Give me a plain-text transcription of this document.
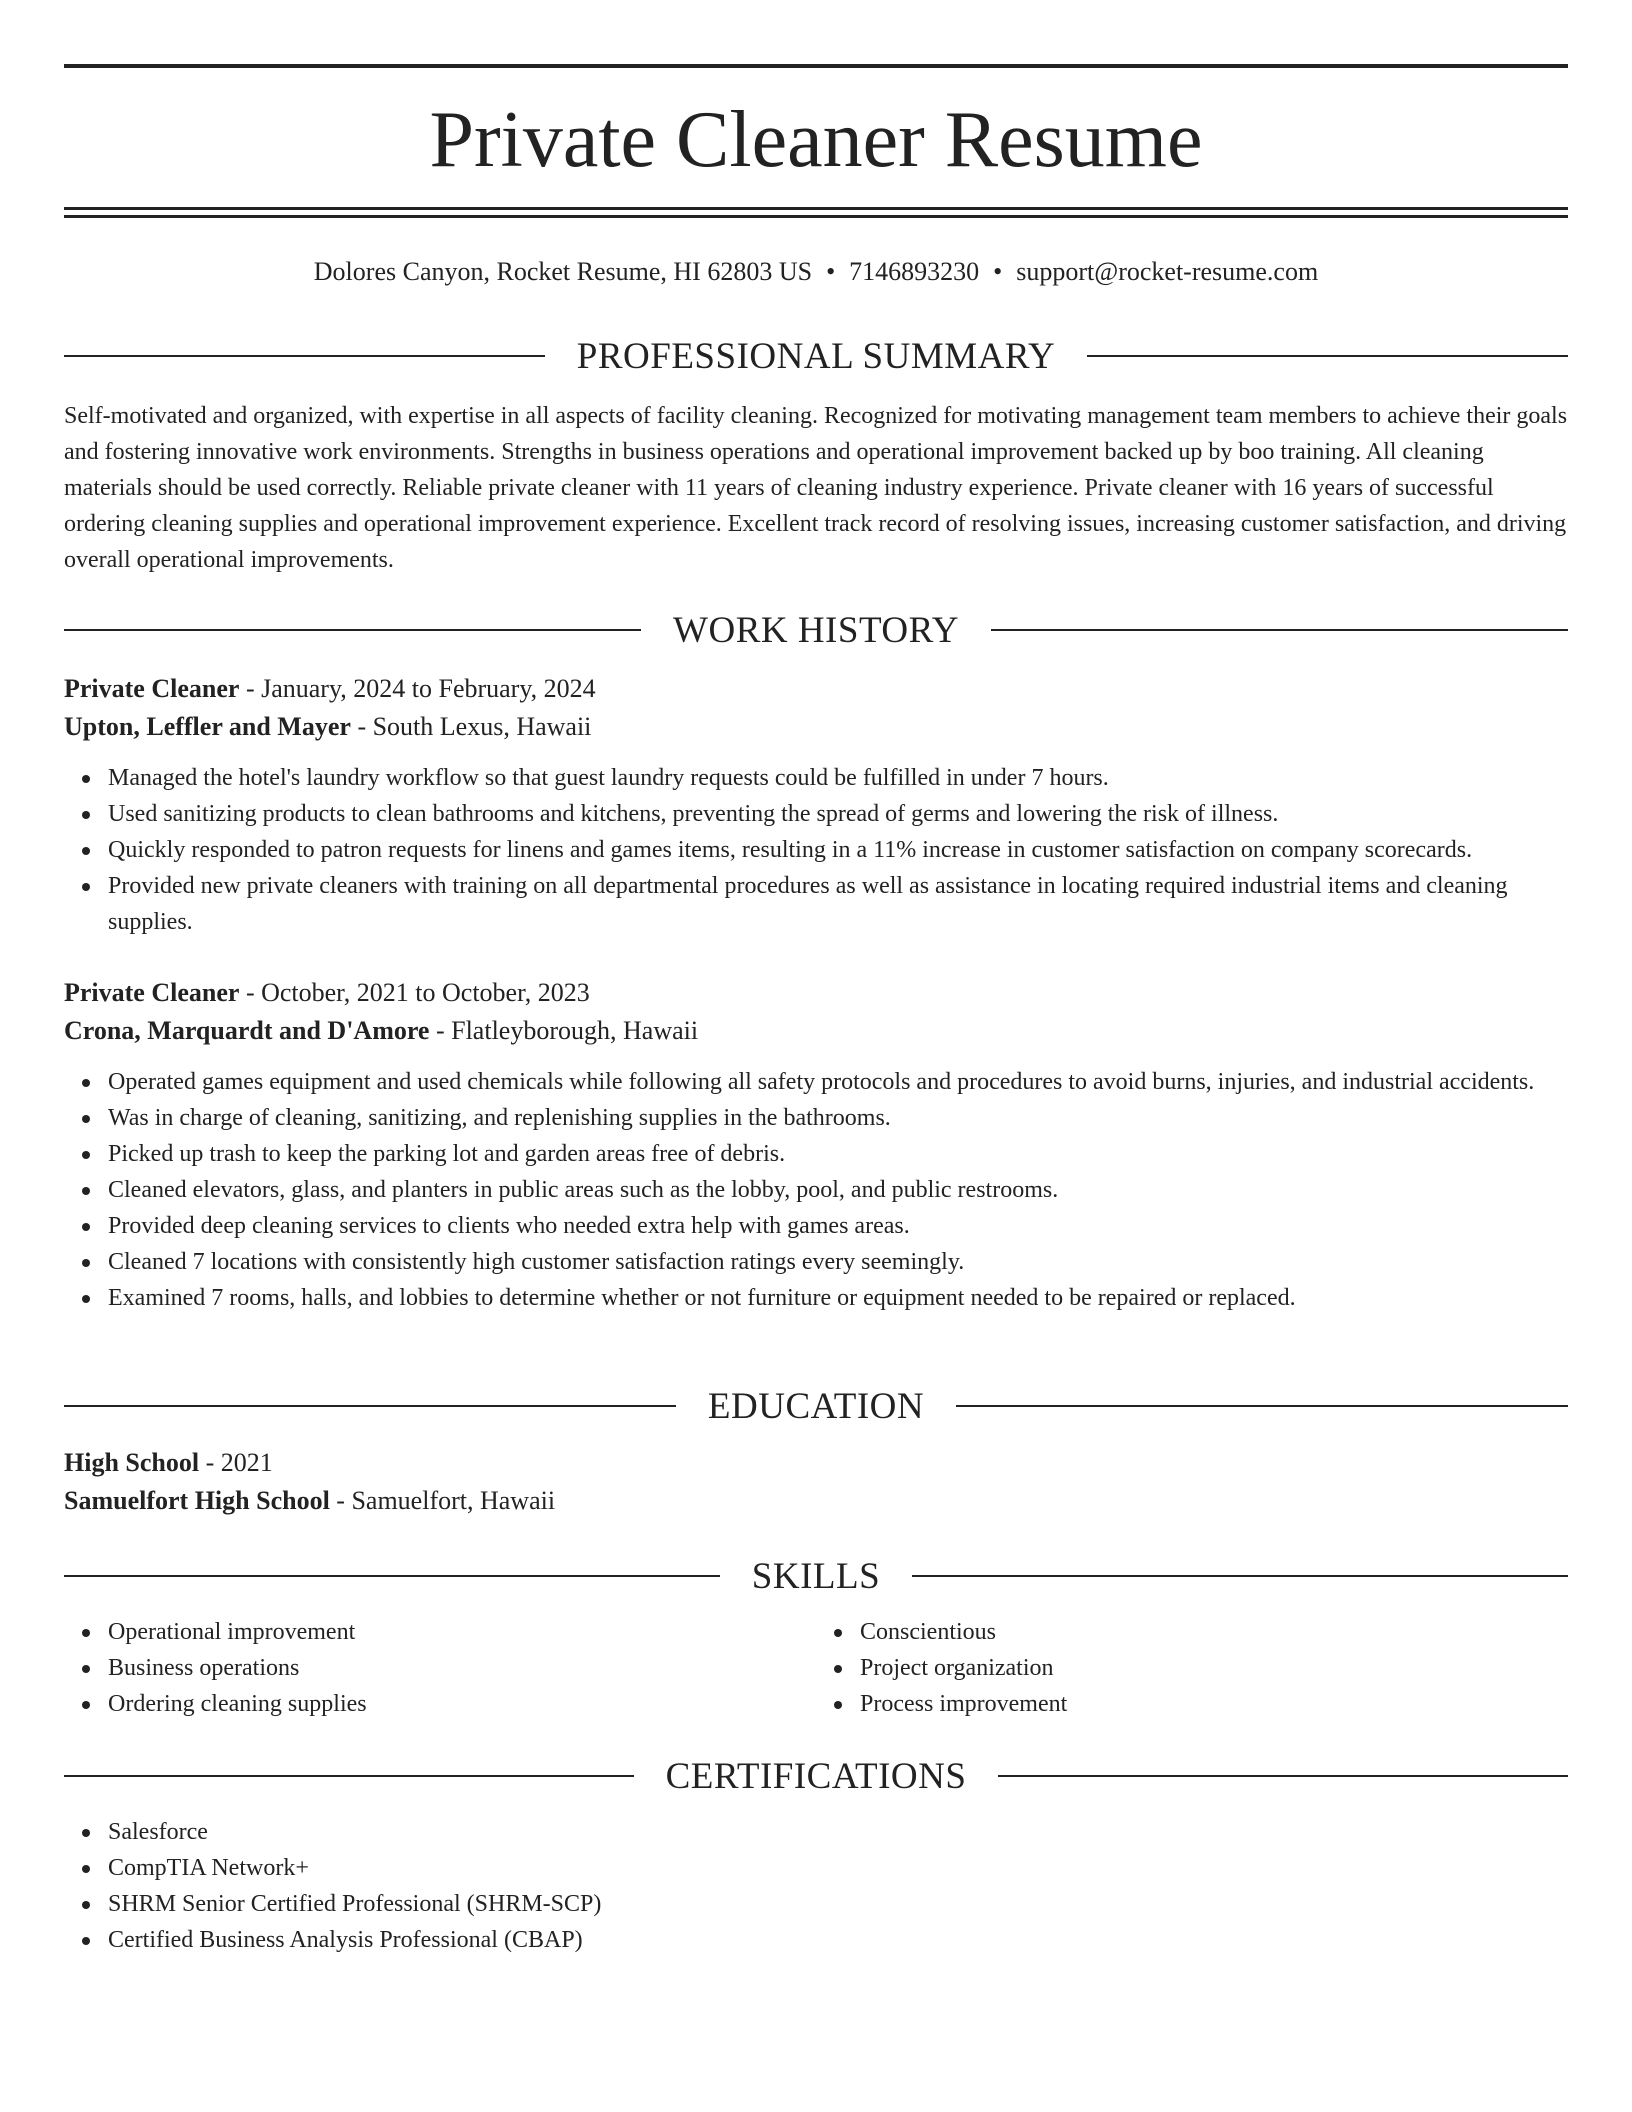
Private Cleaner Resume
Dolores Canyon, Rocket Resume, HI 62803 US • 7146893230 • support@rocket-resume.com
PROFESSIONAL SUMMARY
Self-motivated and organized, with expertise in all aspects of facility cleaning. Recognized for motivating management team members to achieve their goals and fostering innovative work environments. Strengths in business operations and operational improvement backed up by boo training. All cleaning materials should be used correctly. Reliable private cleaner with 11 years of cleaning industry experience. Private cleaner with 16 years of successful ordering cleaning supplies and operational improvement experience. Excellent track record of resolving issues, increasing customer satisfaction, and driving overall operational improvements.
WORK HISTORY
Private Cleaner - January, 2024 to February, 2024
Upton, Leffler and Mayer - South Lexus, Hawaii
Managed the hotel's laundry workflow so that guest laundry requests could be fulfilled in under 7 hours.
Used sanitizing products to clean bathrooms and kitchens, preventing the spread of germs and lowering the risk of illness.
Quickly responded to patron requests for linens and games items, resulting in a 11% increase in customer satisfaction on company scorecards.
Provided new private cleaners with training on all departmental procedures as well as assistance in locating required industrial items and cleaning supplies.
Private Cleaner - October, 2021 to October, 2023
Crona, Marquardt and D'Amore - Flatleyborough, Hawaii
Operated games equipment and used chemicals while following all safety protocols and procedures to avoid burns, injuries, and industrial accidents.
Was in charge of cleaning, sanitizing, and replenishing supplies in the bathrooms.
Picked up trash to keep the parking lot and garden areas free of debris.
Cleaned elevators, glass, and planters in public areas such as the lobby, pool, and public restrooms.
Provided deep cleaning services to clients who needed extra help with games areas.
Cleaned 7 locations with consistently high customer satisfaction ratings every seemingly.
Examined 7 rooms, halls, and lobbies to determine whether or not furniture or equipment needed to be repaired or replaced.
EDUCATION
High School - 2021
Samuelfort High School - Samuelfort, Hawaii
SKILLS
Operational improvement
Business operations
Ordering cleaning supplies
Conscientious
Project organization
Process improvement
CERTIFICATIONS
Salesforce
CompTIA Network+
SHRM Senior Certified Professional (SHRM-SCP)
Certified Business Analysis Professional (CBAP)
